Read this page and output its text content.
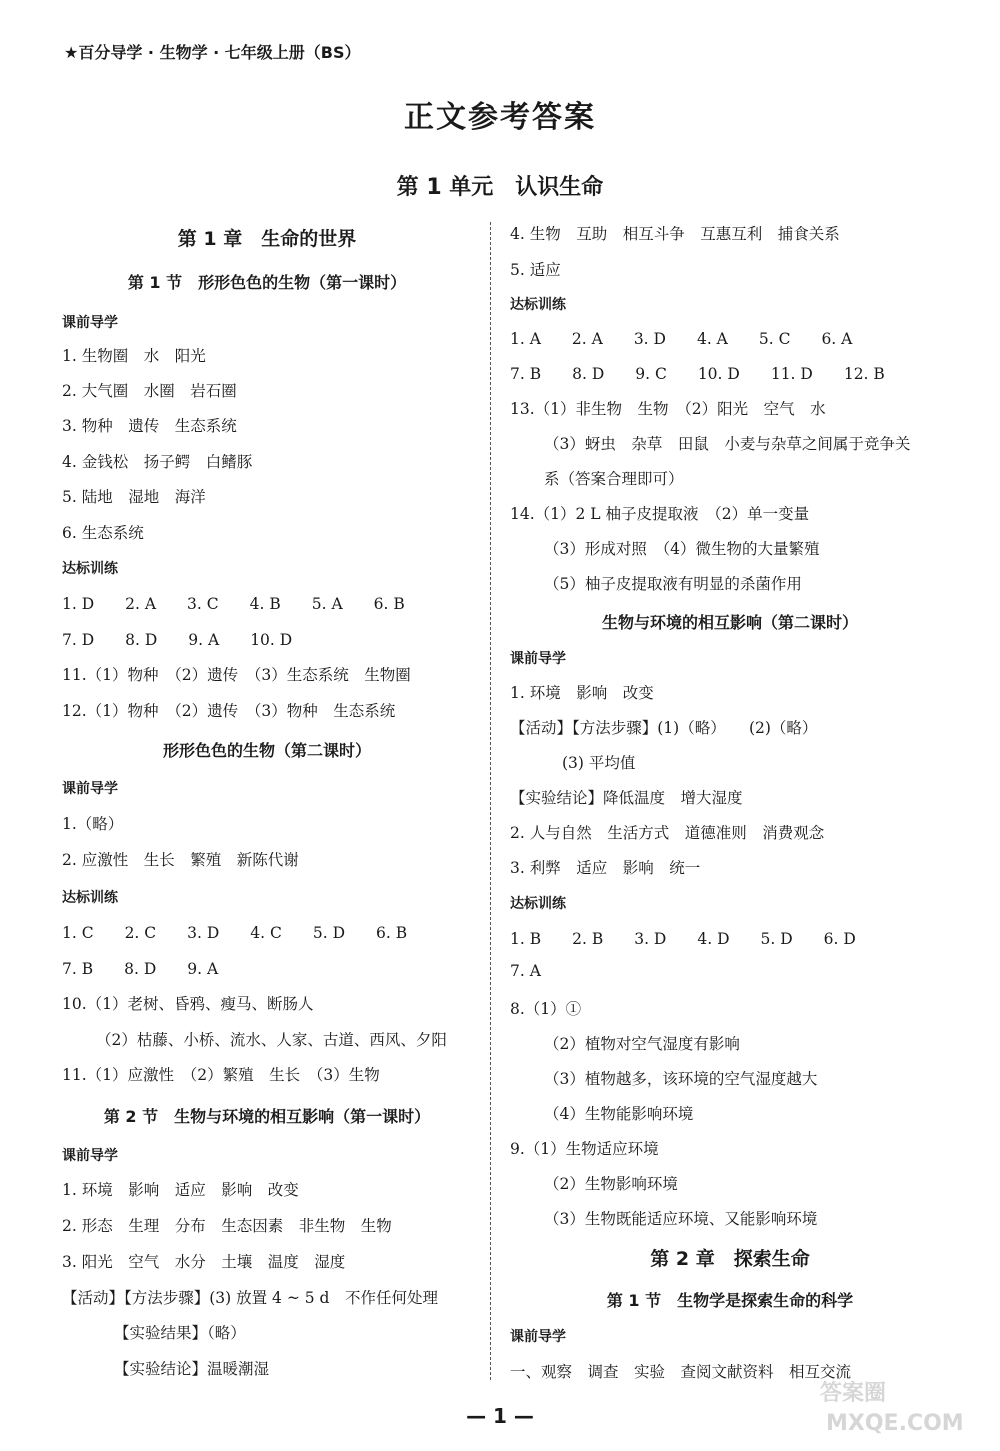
★百分导学 · 生物学 · 七年级上册（BS）
正文参考答案
第 1 单元　认识生命
第 1 章　生命的世界
第 1 节　形形色色的生物（第一课时）
课前导学
1. 生物圈　水　阳光
2. 大气圈　水圈　岩石圈
3. 物种　遗传　生态系统
4. 金钱松　扬子鳄　白鳍豚
5. 陆地　湿地　海洋
6. 生态系统
达标训练
1. D　　2. A　　3. C　　4. B　　5. A　　6. B
7. D　　8. D　　9. A　　10. D
11.（1）物种　（2）遗传　（3）生态系统　生物圈
12.（1）物种　（2）遗传　（3）物种　生态系统
形形色色的生物（第二课时）
课前导学
1.（略）
2. 应激性　生长　繁殖　新陈代谢
达标训练
1. C　　2. C　　3. D　　4. C　　5. D　　6. B
7. B　　8. D　　9. A
10.（1）老树、昏鸦、瘦马、断肠人
（2）枯藤、小桥、流水、人家、古道、西风、夕阳
11.（1）应激性　（2）繁殖　生长　（3）生物
第 2 节　生物与环境的相互影响（第一课时）
课前导学
1. 环境　影响　适应　影响　改变
2. 形态　生理　分布　生态因素　非生物　生物
3. 阳光　空气　水分　土壤　温度　湿度
【活动】【方法步骤】(3) 放置 4 ~ 5 d　不作任何处理
【实验结果】（略）
【实验结论】温暖潮湿
4. 生物　互助　相互斗争　互惠互利　捕食关系
5. 适应
达标训练
1. A　　2. A　　3. D　　4. A　　5. C　　6. A
7. B　　8. D　　9. C　　10. D　　11. D　　12. B
13.（1）非生物　生物　（2）阳光　空气　水
（3）蚜虫　杂草　田鼠　小麦与杂草之间属于竞争关
系（答案合理即可）
14.（1）2 L 柚子皮提取液　（2）单一变量
（3）形成对照　（4）微生物的大量繁殖
（5）柚子皮提取液有明显的杀菌作用
生物与环境的相互影响（第二课时）
课前导学
1. 环境　影响　改变
【活动】【方法步骤】(1)（略）　　(2)（略）
(3) 平均值
【实验结论】降低温度　增大湿度
2. 人与自然　生活方式　道德准则　消费观念
3. 利弊　适应　影响　统一
达标训练
1. B　　2. B　　3. D　　4. D　　5. D　　6. D
7. A
8.（1）①
（2）植物对空气湿度有影响
（3）植物越多，该环境的空气湿度越大
（4）生物能影响环境
9.（1）生物适应环境
（2）生物影响环境
（3）生物既能适应环境、又能影响环境
第 2 章　探索生命
第 1 节　生物学是探索生命的科学
课前导学
一、观察　调查　实验　查阅文献资料　相互交流
— 1 —
答案圈
MXQE.COM
